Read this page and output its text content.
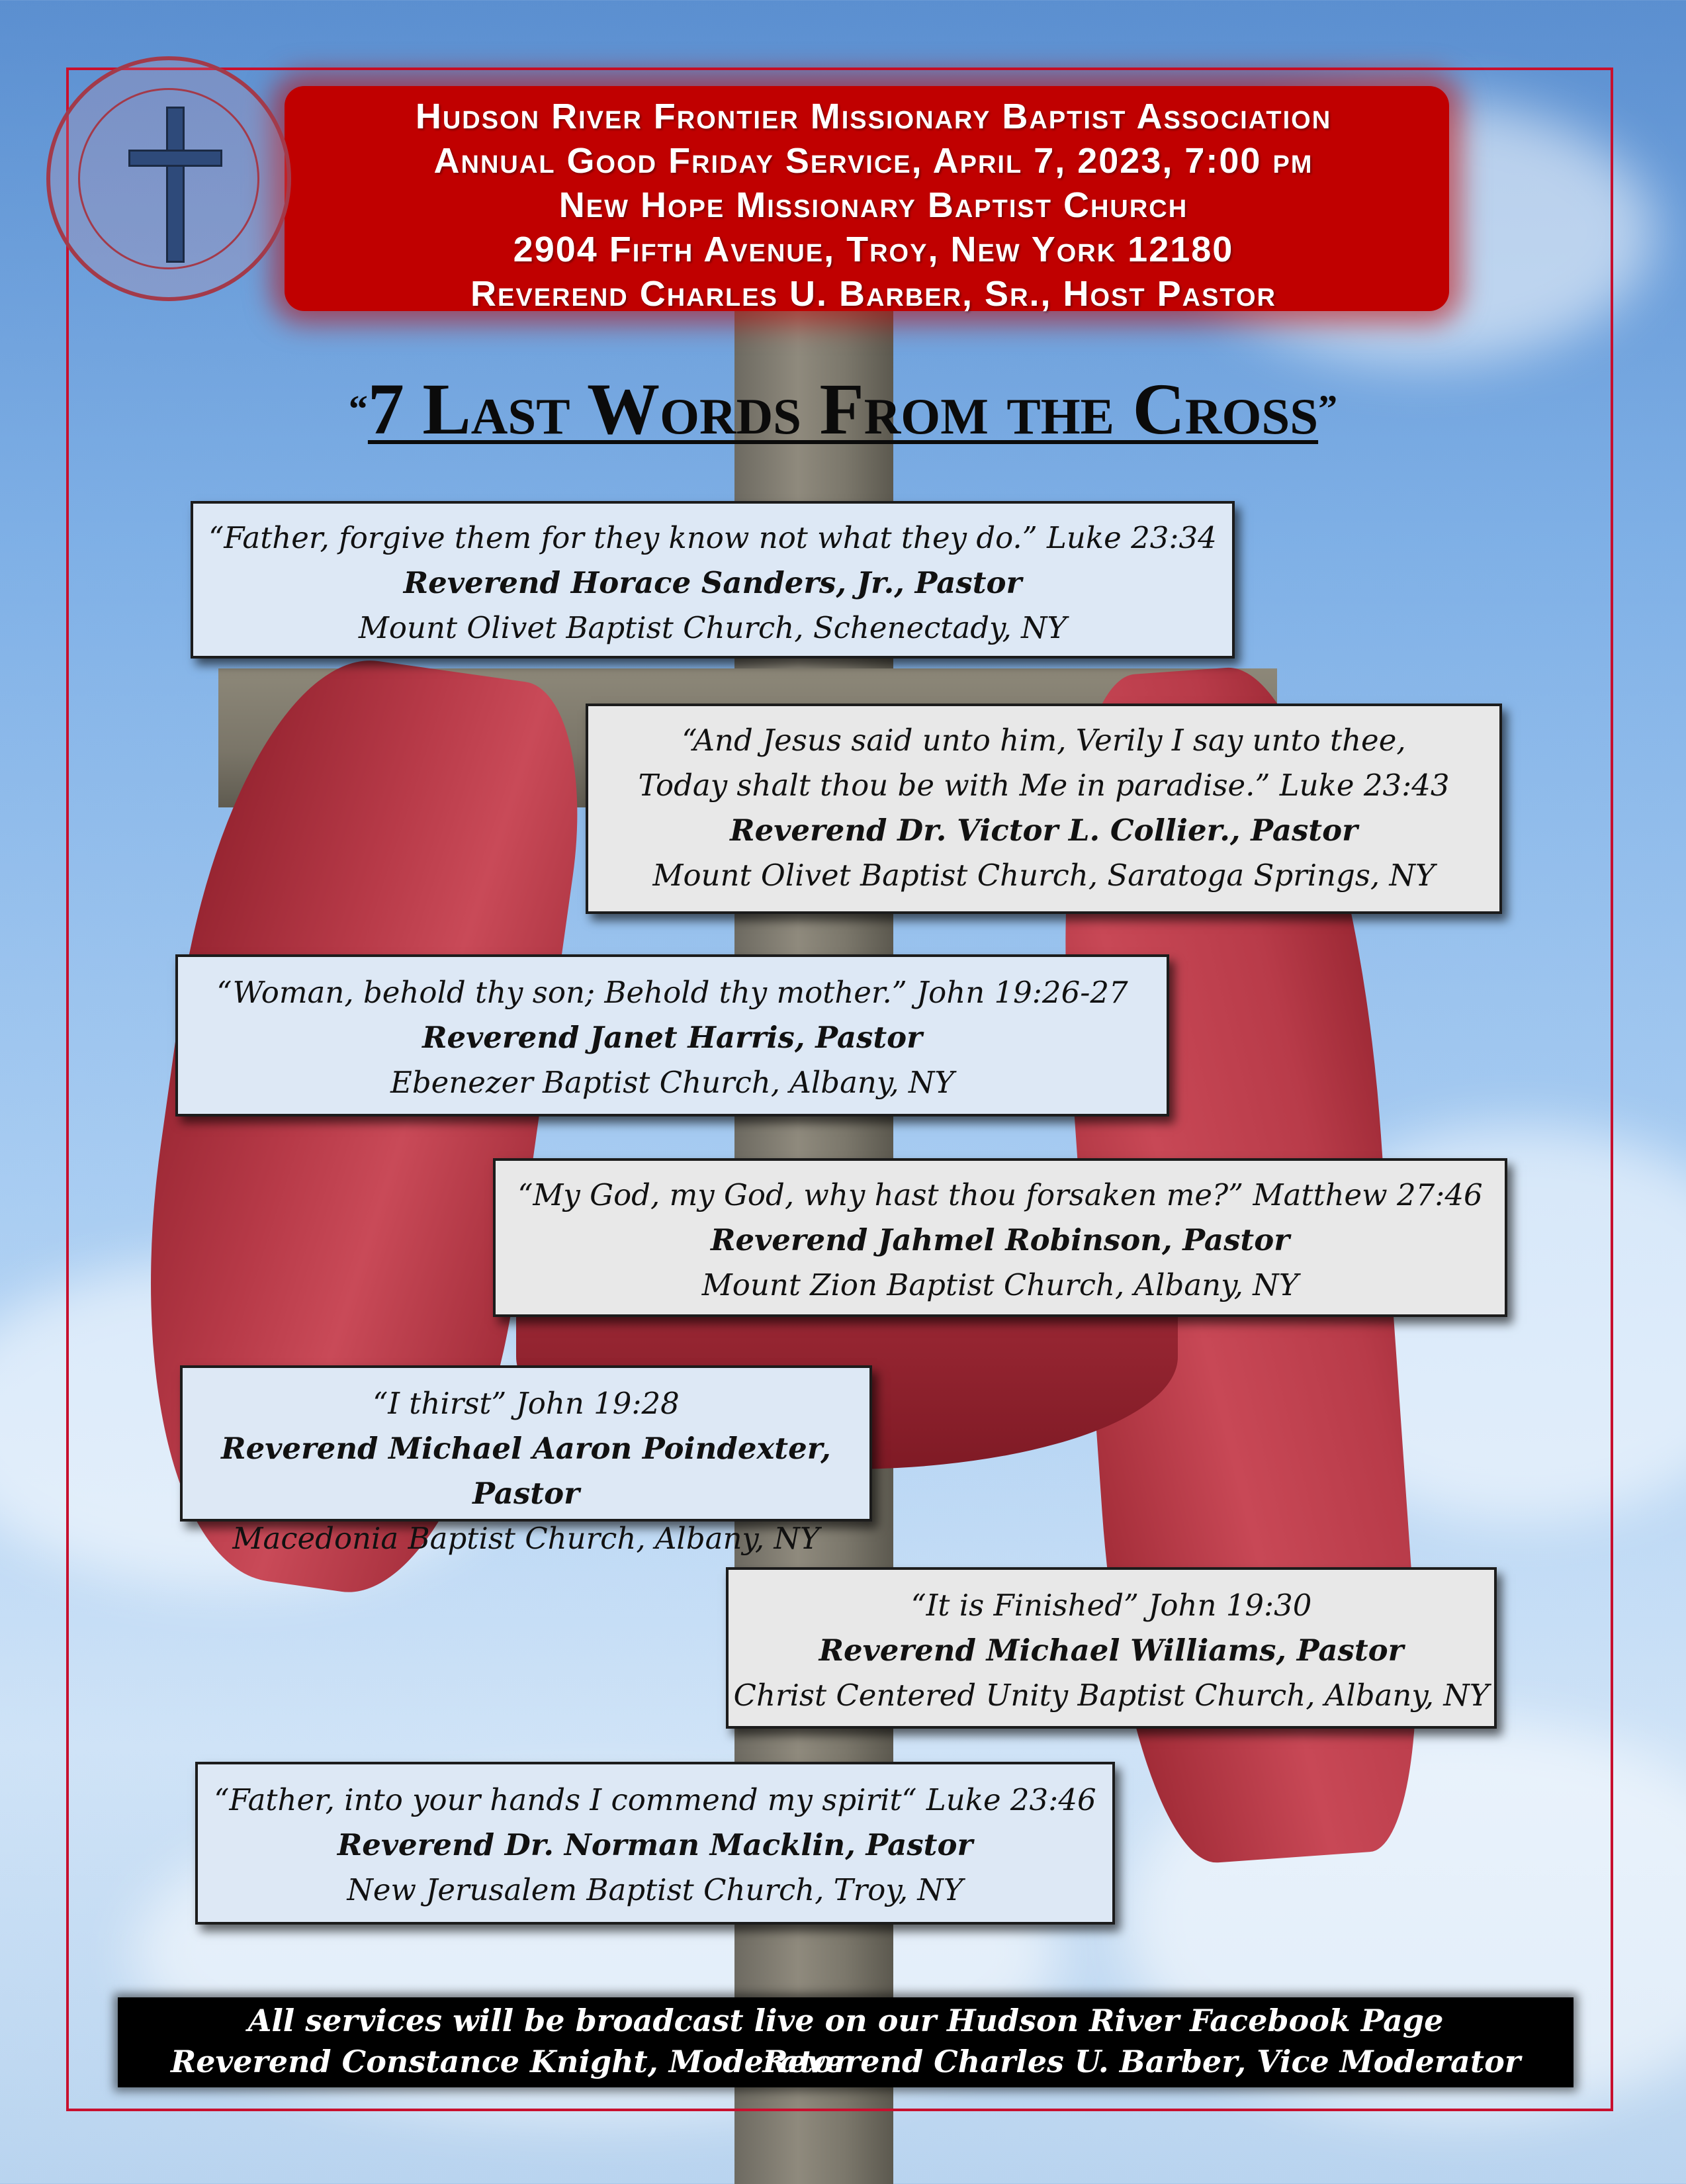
Hudson River Frontier Missionary Baptist Association
Annual Good Friday Service, April 7, 2023, 7:00 pm
New Hope Missionary Baptist Church
2904 Fifth Avenue, Troy, New York 12180
Reverend Charles U. Barber, Sr., Host Pastor
“7 Last Words From the Cross”
“Father, forgive them for they know not what they do.” Luke 23:34
Reverend Horace Sanders, Jr., Pastor
Mount Olivet Baptist Church, Schenectady, NY
“And Jesus said unto him, Verily I say unto thee,
Today shalt thou be with Me in paradise.” Luke 23:43
Reverend Dr. Victor L. Collier., Pastor
Mount Olivet Baptist Church, Saratoga Springs, NY
“Woman, behold thy son; Behold thy mother.” John 19:26-27
Reverend Janet Harris, Pastor
Ebenezer Baptist Church, Albany, NY
“My God, my God, why hast thou forsaken me?” Matthew 27:46
Reverend Jahmel Robinson, Pastor
Mount Zion Baptist Church, Albany, NY
“I thirst” John 19:28
Reverend Michael Aaron Poindexter, Pastor
Macedonia Baptist Church, Albany, NY
“It is Finished” John 19:30
Reverend Michael Williams, Pastor
Christ Centered Unity Baptist Church, Albany, NY
“Father, into your hands I commend my spirit“ Luke 23:46
Reverend Dr. Norman Macklin, Pastor
New Jerusalem Baptist Church, Troy, NY
All services will be broadcast live on our Hudson River Facebook Page
Reverend Constance Knight, Moderator
Reverend Charles U. Barber, Vice Moderator
